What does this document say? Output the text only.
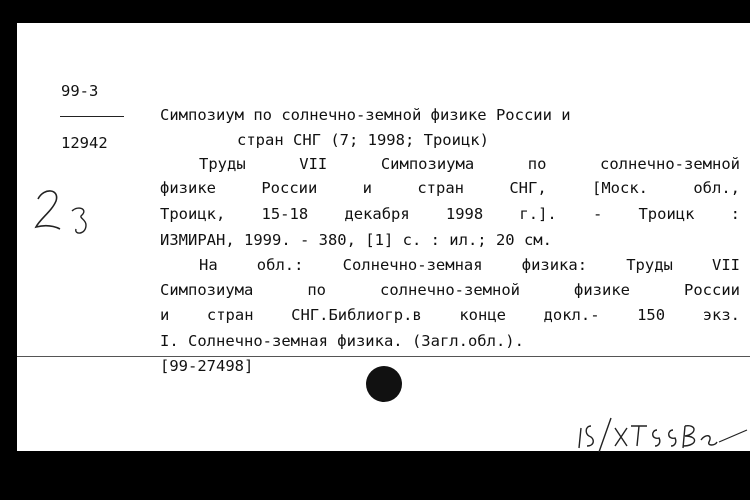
99-3
12942
Симпозиум по солнечно-земной физике России и
стран СНГ (7; 1998; Троицк)
Труды VII Симпозиума по солнечно-земной
физике России и стран СНГ, [Моск. обл.,
Троицк, 15-18 декабря 1998 г.]. - Троицк :
ИЗМИРАН, 1999. - 380, [1] с. : ил.; 20 см.
На обл.: Солнечно-земная физика: Труды VII
Симпозиума по солнечно-земной физике России
и стран СНГ.Библиогр.в конце докл.- 150 экз.
I. Солнечно-земная физика. (Загл.обл.).
[99-27498]
